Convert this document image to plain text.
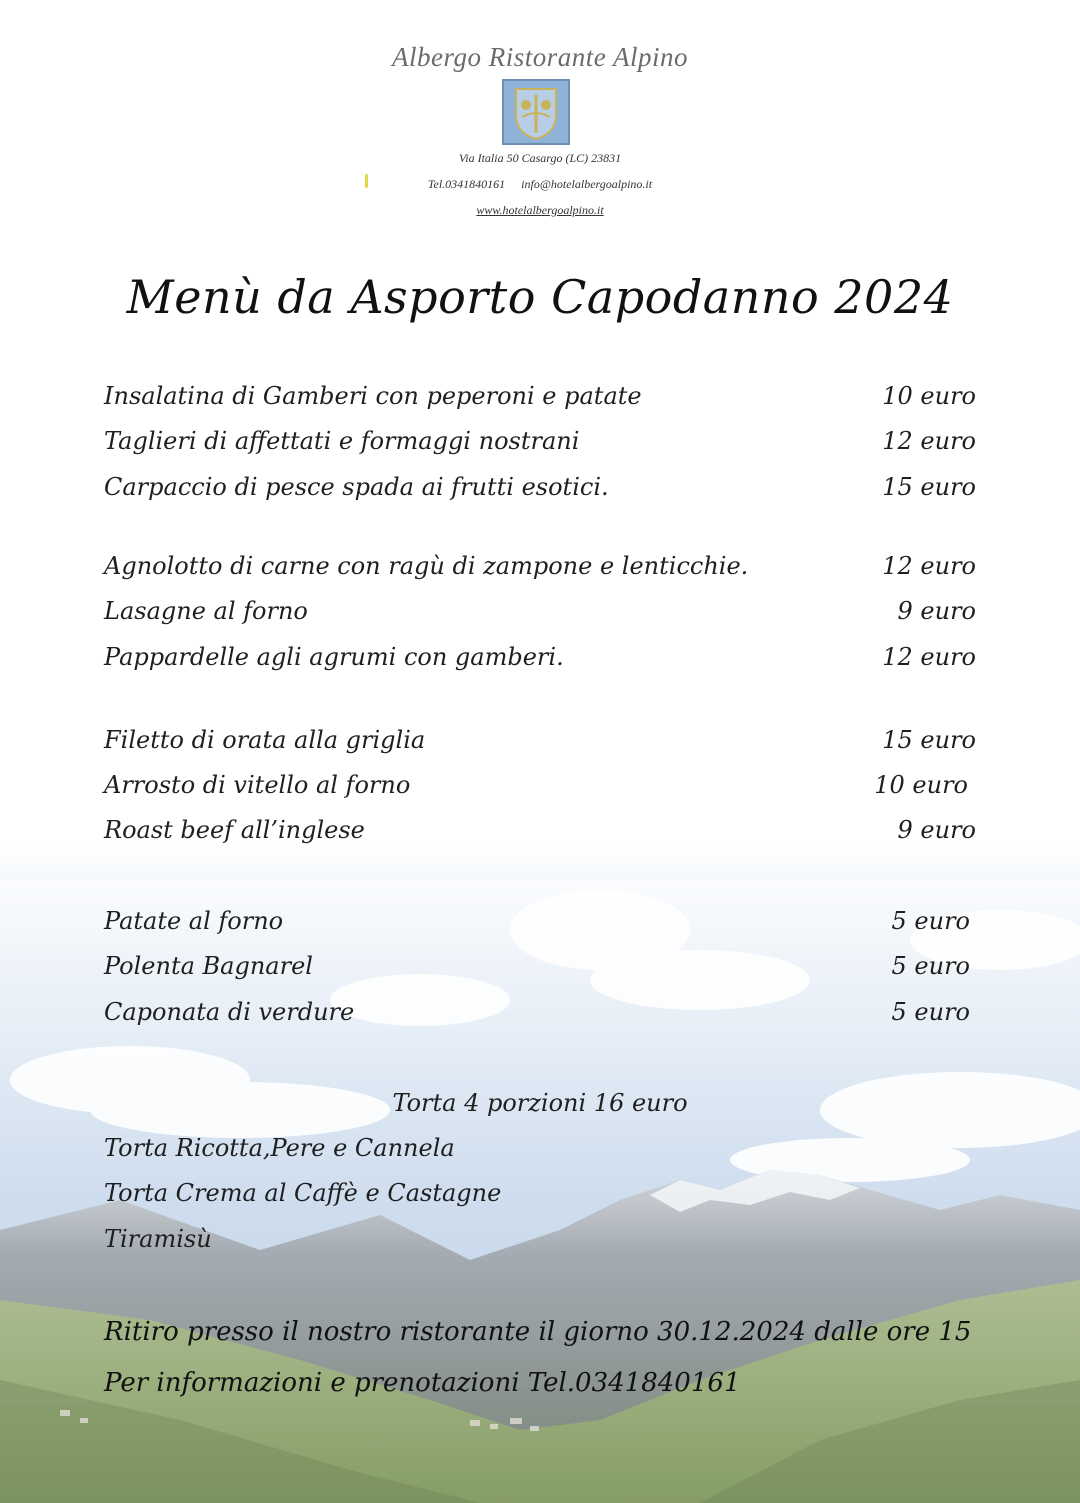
Albergo Ristorante Alpino
Via Italia 50 Casargo (LC) 23831
Tel.0341840161 info@hotelalbergoalpino.it
www.hotelalbergoalpino.it
Menù da Asporto Capodanno 2024
Insalatina di Gamberi con peperoni e patate	10 euro
Taglieri di affettati e formaggi nostrani	12 euro
Carpaccio di pesce spada ai frutti esotici.	15 euro
Agnolotto di carne con ragù di zampone e lenticchie.	12 euro
Lasagne al forno	9 euro
Pappardelle agli agrumi con gamberi.	12 euro
Filetto di orata alla griglia	15 euro
Arrosto di vitello al forno	10 euro
Roast beef all’inglese	9 euro
Patate al forno	5 euro
Polenta Bagnarel	5 euro
Caponata di verdure	5 euro
Torta 4 porzioni 16 euro
Torta Ricotta,Pere e Cannela
Torta Crema al Caffè e Castagne
Tiramisù
Ritiro presso il nostro ristorante il giorno 30.12.2024 dalle ore 15
Per informazioni e prenotazioni Tel.0341840161
